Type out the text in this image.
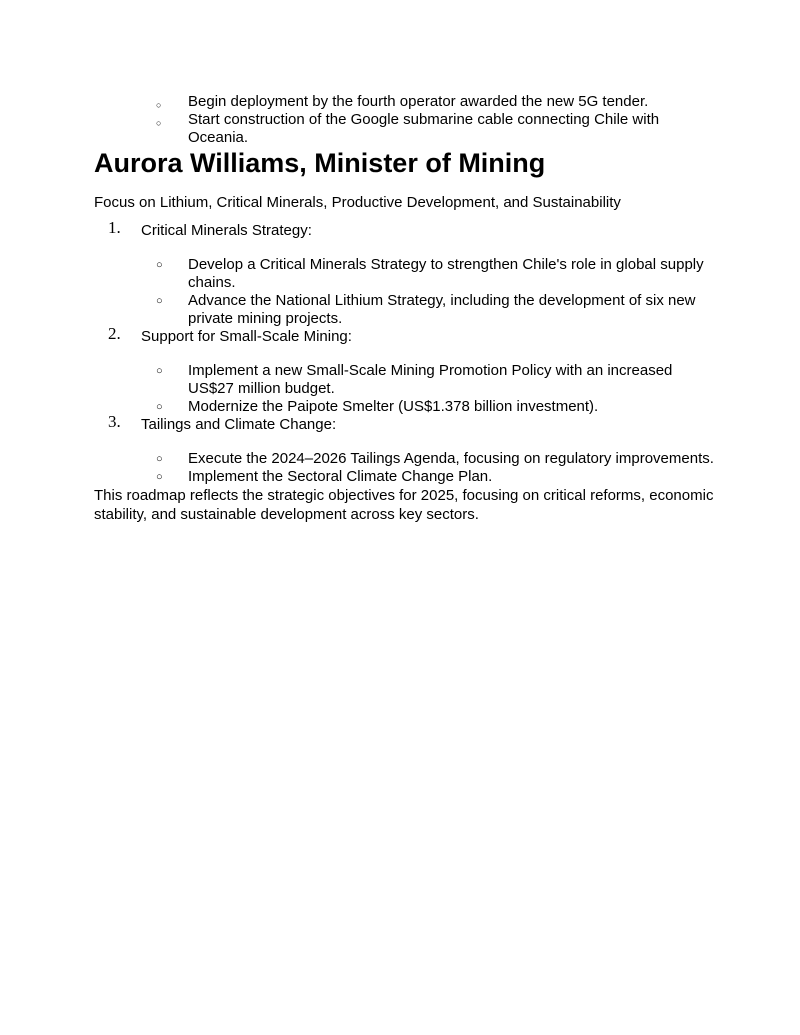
○ Begin deployment by the fourth operator awarded the new 5G tender.
○ Start construction of the Google submarine cable connecting Chile with Oceania.
Aurora Williams, Minister of Mining

Focus on Lithium, Critical Minerals, Productive Development, and Sustainability

1. Critical Minerals Strategy:
○ Develop a Critical Minerals Strategy to strengthen Chile's role in global supply chains.
○ Advance the National Lithium Strategy, including the development of six new private mining projects.
2. Support for Small-Scale Mining:
○ Implement a new Small-Scale Mining Promotion Policy with an increased US$27 million budget.
○ Modernize the Paipote Smelter (US$1.378 billion investment).
3. Tailings and Climate Change:
○ Execute the 2024–2026 Tailings Agenda, focusing on regulatory improvements.
○ Implement the Sectoral Climate Change Plan.

This roadmap reflects the strategic objectives for 2025, focusing on critical reforms, economic stability, and sustainable development across key sectors.
